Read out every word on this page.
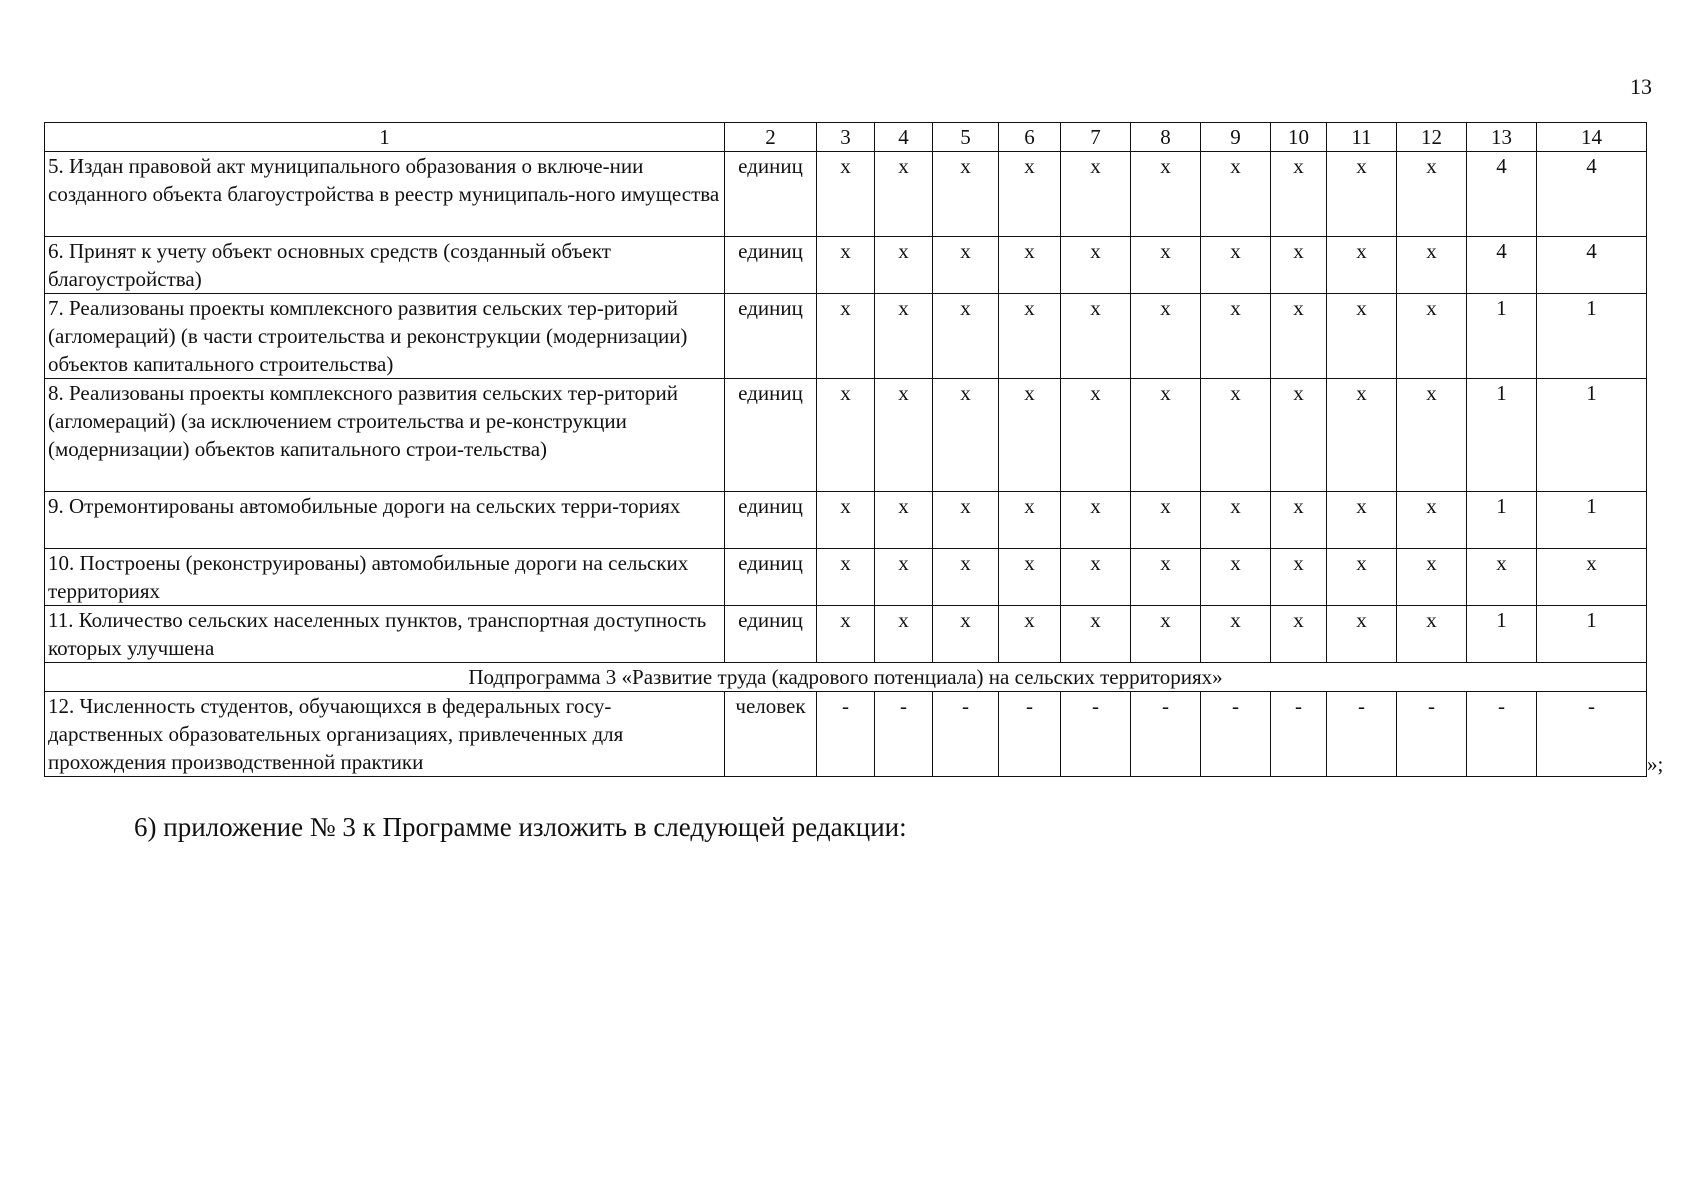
13
1	2	3	4	5	6	7	8	9	10	11	12	13	14
5. Издан правовой акт муниципального образования о включе-нии созданного объекта благоустройства в реестр муниципаль-ного имущества	единиц	х	х	х	х	х	х	х	х	х	х	4	4
6. Принят к учету объект основных средств (созданный объект благоустройства)	единиц	х	х	х	х	х	х	х	х	х	х	4	4
7. Реализованы проекты комплексного развития сельских тер-риторий (агломераций) (в части строительства и реконструкции (модернизации) объектов капитального строительства)	единиц	х	х	х	х	х	х	х	х	х	х	1	1
8. Реализованы проекты комплексного развития сельских тер-риторий (агломераций) (за исключением строительства и ре-конструкции (модернизации) объектов капитального строи-тельства)	единиц	х	х	х	х	х	х	х	х	х	х	1	1
9. Отремонтированы автомобильные дороги на сельских терри-ториях	единиц	х	х	х	х	х	х	х	х	х	х	1	1
10. Построены (реконструированы) автомобильные дороги на сельских территориях	единиц	х	х	х	х	х	х	х	х	х	х	х	х
11. Количество сельских населенных пунктов, транспортная доступность которых улучшена	единиц	х	х	х	х	х	х	х	х	х	х	1	1
Подпрограмма 3 «Развитие труда (кадрового потенциала) на сельских территориях»													
12. Численность студентов, обучающихся в федеральных госу-дарственных образовательных организациях, привлеченных для прохождения производственной практики	человек	-	-	-	-	-	-	-	-	-	-	-	-
»;
6) приложение № 3 к Программе изложить в следующей редакции:
